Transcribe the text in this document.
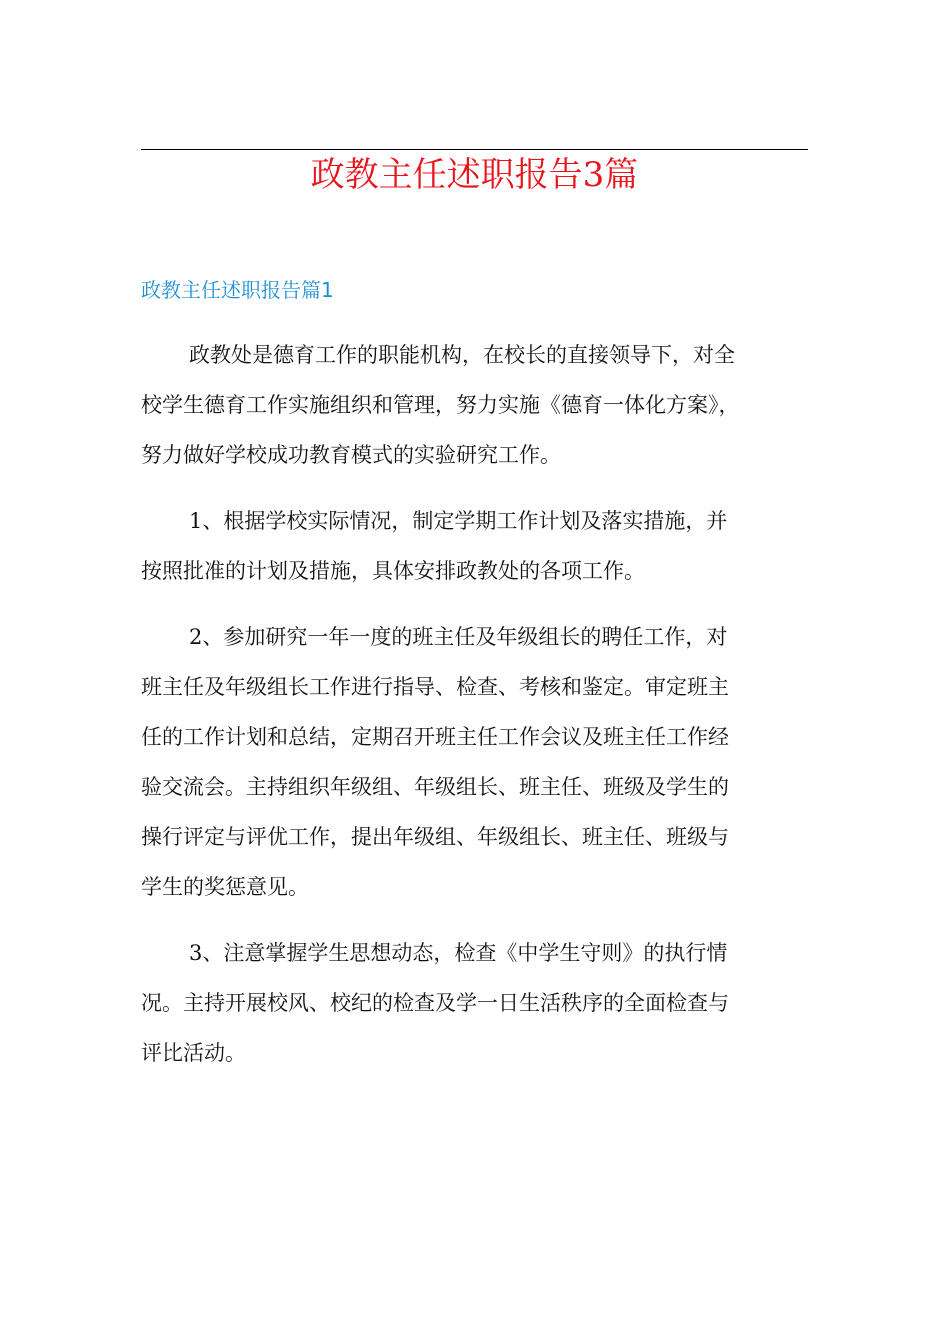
政教主任述职报告3篇
政教主任述职报告篇1
政教处是德育工作的职能机构，在校长的直接领导下，对全
校学生德育工作实施组织和管理，努力实施《德育一体化方案》，
努力做好学校成功教育模式的实验研究工作。
1、根据学校实际情况，制定学期工作计划及落实措施，并
按照批准的计划及措施，具体安排政教处的各项工作。
2、参加研究一年一度的班主任及年级组长的聘任工作，对
班主任及年级组长工作进行指导、检查、考核和鉴定。审定班主
任的工作计划和总结，定期召开班主任工作会议及班主任工作经
验交流会。主持组织年级组、年级组长、班主任、班级及学生的
操行评定与评优工作，提出年级组、年级组长、班主任、班级与
学生的奖惩意见。
3、注意掌握学生思想动态，检查《中学生守则》的执行情
况。主持开展校风、校纪的检查及学一日生活秩序的全面检查与
评比活动。
